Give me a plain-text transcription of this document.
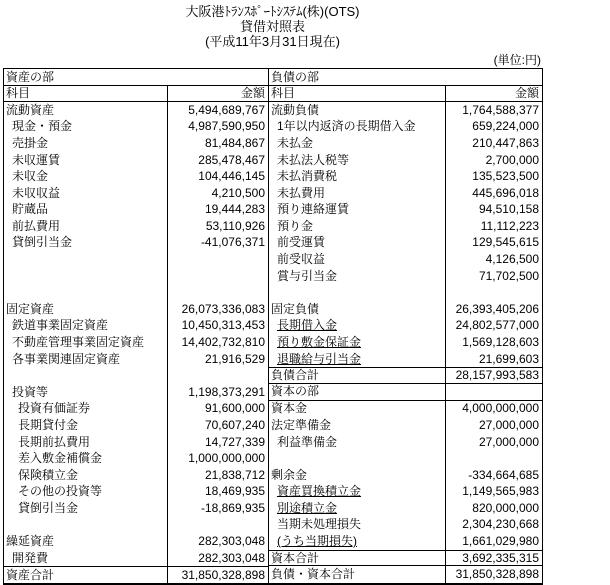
大阪港ﾄﾗﾝｽﾎﾟｰﾄｼｽﾃﾑ(株)(OTS)
貸借対照表
(平成11年3月31日現在)
(単位:円)
資産の部
科目	金額
流動資産	5,494,689,767
現金・預金	4,987,590,950
売掛金	81,484,867
未収運賃	285,478,467
未収金	104,446,145
未収収益	4,210,500
貯蔵品	19,444,283
前払費用	53,110,926
貸倒引当金	-41,076,371
固定資産	26,073,336,083
鉄道事業固定資産	10,450,313,453
不動産管理事業固定資産	14,402,732,810
各事業関連固定資産	21,916,529
投資等	1,198,373,291
投資有価証券	91,600,000
長期貸付金	70,607,240
長期前払費用	14,727,339
差入敷金補償金	1,000,000,000
保険積立金	21,838,712
その他の投資等	18,469,935
貸倒引当金	-18,869,935
繰延資産	282,303,048
開発費	282,303,048
資産合計	31,850,328,898
負債の部
科目	金額
流動負債	1,764,588,377
1年以内返済の長期借入金	659,224,000
未払金	210,447,863
未払法人税等	2,700,000
未払消費税	135,523,500
未払費用	445,696,018
預り連絡運賃	94,510,158
預り金	11,112,223
前受運賃	129,545,615
前受収益	4,126,500
賞与引当金	71,702,500
固定負債	26,393,405,206
長期借入金	24,802,577,000
預り敷金保証金	1,569,128,603
退職給与引当金	21,699,603
負債合計	28,157,993,583
資本の部
資本金	4,000,000,000
法定準備金	27,000,000
利益準備金	27,000,000
剰余金	-334,664,685
資産買換積立金	1,149,565,983
別途積立金	820,000,000
当期未処理損失	2,304,230,668
(うち当期損失)	1,661,029,980
資本合計	3,692,335,315
負債・資本合計	31,850,328,898
